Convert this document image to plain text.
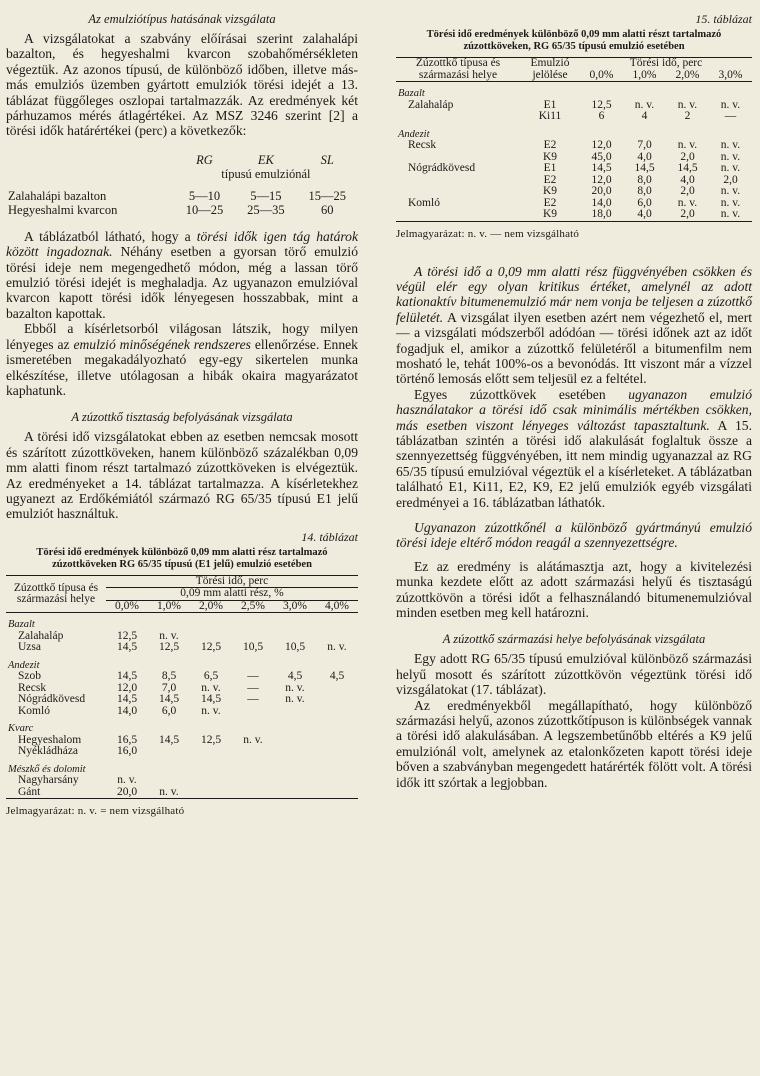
Az emulziótípus hatásának vizsgálata

A vizsgálatokat a szabvány előírásai szerint zalahalápi bazalton, és hegyeshalmi kvarcon szobahőmérsékleten végeztük. Az azonos típusú, de különböző időben, illetve más-más emulziós üzemben gyártott emulziók törési idejét a 13. táblázat függőleges oszlopai tartalmazzák. Az eredmények két párhuzamos mérés átlagértékei. Az MSZ 3246 szerint [2] a törési idők határértékei (perc) a következők:

	RG	EK	SL
	típusú emulziónál		

Zalahalápi bazalton	5—10	5—15	15—25
Hegyeshalmi kvarcon	10—25	25—35	60

A táblázatból látható, hogy a törési idők igen tág határok között ingadoznak. Néhány esetben a gyorsan törő emulzió törési ideje nem megengedhető módon, még a lassan törő emulzió törési idejét is meghaladja. Az ugyanazon emulzióval kvarcon kapott törési idők lényegesen hosszabbak, mint a bazalton kapottak.

Ebből a kísérletsorból világosan látszik, hogy milyen lényeges az emulzió minőségének rendszeres ellenőrzése. Ennek ismeretében megakadályozható egy-egy sikertelen munka elkészítése, illetve utólagosan a hibák okaira magyarázatot kaphatunk.

A zúzottkő tisztaság befolyásának vizsgálata

A törési idő vizsgálatokat ebben az esetben nemcsak mosott és szárított zúzottköveken, hanem különböző százalékban 0,09 mm alatti finom részt tartalmazó zúzottköveken is elvégeztük. Az eredményeket a 14. táblázat tartalmazza. A kísérletekhez ugyanezt az Erdőkémiától származó RG 65/35 típusú E1 jelű emulziót használtuk.

14. táblázat
Törési idő eredmények különböző 0,09 mm alatti rész tartalmazó zúzottköveken RG 65/35 típusú (E1 jelű) emulzió esetében
Zúzottkő típusa és származási helye	Törési idő, perc					
	0,09 mm alatti rész, %					
	0,0%	1,0%	2,0%	2,5%	3,0%	4,0%
Bazalt						
Zalahaláp	12,5	n. v.				
Uzsa	14,5	12,5	12,5	10,5	10,5	n. v.
Andezit						
Szob	14,5	8,5	6,5	—	4,5	4,5
Recsk	12,0	7,0	n. v.	—	n. v.	
Nógrádkövesd	14,5	14,5	14,5	—	n. v.	
Komló	14,0	6,0	n. v.			
Kvarc						
Hegyeshalom	16,5	14,5	12,5	n. v.		
Nyékládháza	16,0					
Mészkő és dolomit						
Nagyharsány	n. v.					
Gánt	20,0	n. v.				
Jelmagyarázat: n. v. = nem vizsgálható
15. táblázat
Törési idő eredmények különböző 0,09 mm alatti részt tartalmazó zúzottköveken, RG 65/35 típusú emulzió esetében
Zúzottkő típusa és származási helye	Emulzió jelölése	Törési idő, perc			
		0,0%	1,0%	2,0%	3,0%
Bazalt					
Zalahaláp	E1	12,5	n. v.	n. v.	n. v.
	Ki11	6	4	2	—
Andezit					
Recsk	E2	12,0	7,0	n. v.	n. v.
	K9	45,0	4,0	2,0	n. v.
Nógrádkövesd	E1	14,5	14,5	14,5	n. v.
	E2	12,0	8,0	4,0	2,0
	K9	20,0	8,0	2,0	n. v.
Komló	E2	14,0	6,0	n. v.	n. v.
	K9	18,0	4,0	2,0	n. v.
Jelmagyarázat: n. v. — nem vizsgálható

A törési idő a 0,09 mm alatti rész függvényében csökken és végül elér egy olyan kritikus értéket, amelynél az adott kationaktív bitumenemulzió már nem vonja be teljesen a zúzottkő felületét. A vizsgálat ilyen esetben azért nem végezhető el, mert — a vizsgálati módszerből adódóan — törési időnek azt az időt fogadjuk el, amikor a zúzottkő felületéről a bitumenfilm nem mosható le, tehát 100%-os a bevonódás. Itt viszont már a vízzel történő lemosás előtt sem teljesül ez a feltétel.

Egyes zúzottkövek esetében ugyanazon emulzió használatakor a törési idő csak minimális mértékben csökken, más esetben viszont lényeges változást tapasztaltunk. A 15. táblázatban szintén a törési idő alakulását foglaltuk össze a szennyezettség függvényében, itt nem mindig ugyanazzal az RG 65/35 típusú emulzióval végeztük el a kísérleteket. A táblázatban található E1, Ki11, E2, K9, E2 jelű emulziók egyéb vizsgálati eredményei a 16. táblázatban láthatók.

Ugyanazon zúzottkőnél a különböző gyártmányú emulzió törési ideje eltérő módon reagál a szennyezettségre.

Ez az eredmény is alátámasztja azt, hogy a kivitelezési munka kezdete előtt az adott származási helyű és tisztaságú zúzottkövön a törési időt a felhasználandó bitumenemulzióval minden esetben meg kell határozni.

A zúzottkő származási helye befolyásának vizsgálata

Egy adott RG 65/35 típusú emulzióval különböző származási helyű mosott és szárított zúzottkövön végeztünk törési idő vizsgálatokat (17. táblázat).

Az eredményekből megállapítható, hogy különböző származási helyű, azonos zúzottkőtípuson is különbségek vannak a törési idő alakulásában. A legszembetűnőbb eltérés a K9 jelű emulziónál volt, amelynek az etalonkőzeten kapott törési ideje bőven a szabványban megengedett határérték fölött volt. A törési idők itt szórtak a legjobban.
